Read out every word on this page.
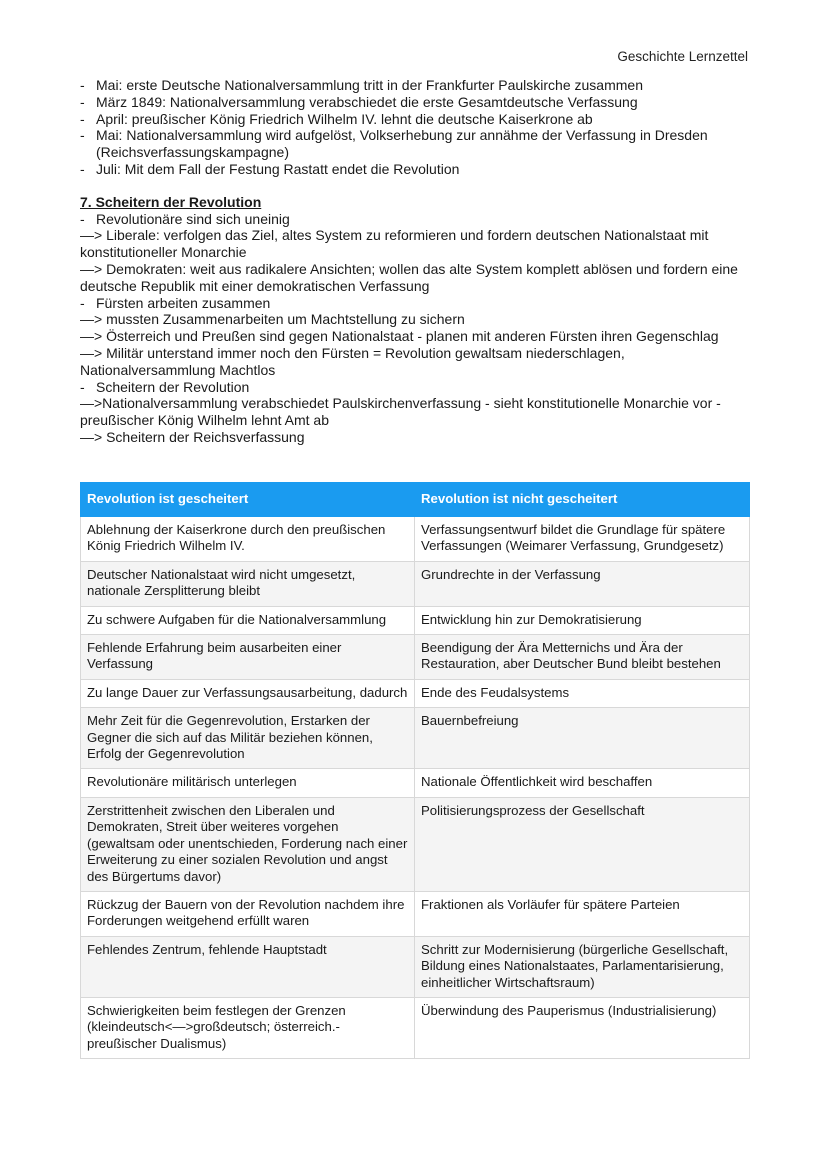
Geschichte Lernzettel
- Mai: erste Deutsche Nationalversammlung tritt in der Frankfurter Paulskirche zusammen
- März 1849: Nationalversammlung verabschiedet die erste Gesamtdeutsche Verfassung
- April: preußischer König Friedrich Wilhelm IV. lehnt die deutsche Kaiserkrone ab
- Mai: Nationalversammlung wird aufgelöst, Volkserhebung zur annähme der Verfassung in Dresden (Reichsverfassungskampagne)
- Juli: Mit dem Fall der Festung Rastatt endet die Revolution
7. Scheitern der Revolution
- Revolutionäre sind sich uneinig
—> Liberale: verfolgen das Ziel, altes System zu reformieren und fordern deutschen Nationalstaat mit konstitutioneller Monarchie
—> Demokraten: weit aus radikalere Ansichten; wollen das alte System komplett ablösen und fordern eine deutsche Republik mit einer demokratischen Verfassung
- Fürsten arbeiten zusammen
—> mussten Zusammenarbeiten um Machtstellung zu sichern
—> Österreich und Preußen sind gegen Nationalstaat - planen mit anderen Fürsten ihren Gegenschlag
—> Militär unterstand immer noch den Fürsten = Revolution gewaltsam niederschlagen, Nationalversammlung Machtlos
- Scheitern der Revolution
—>Nationalversammlung verabschiedet Paulskirchenverfassung - sieht konstitutionelle Monarchie vor - preußischer König Wilhelm lehnt Amt ab
—> Scheitern der Reichsverfassung
Revolution ist gescheitert	Revolution ist nicht gescheitert
Ablehnung der Kaiserkrone durch den preußischen König Friedrich Wilhelm IV.	Verfassungsentwurf bildet die Grundlage für spätere Verfassungen (Weimarer Verfassung, Grundgesetz)
Deutscher Nationalstaat wird nicht umgesetzt, nationale Zersplitterung bleibt	Grundrechte in der Verfassung
Zu schwere Aufgaben für die Nationalversammlung	Entwicklung hin zur Demokratisierung
Fehlende Erfahrung beim ausarbeiten einer Verfassung	Beendigung der Ära Metternichs und Ära der Restauration, aber Deutscher Bund bleibt bestehen
Zu lange Dauer zur Verfassungsausarbeitung, dadurch	Ende des Feudalsystems
Mehr Zeit für die Gegenrevolution, Erstarken der Gegner die sich auf das Militär beziehen können, Erfolg der Gegenrevolution	Bauernbefreiung
Revolutionäre militärisch unterlegen	Nationale Öffentlichkeit wird beschaffen
Zerstrittenheit zwischen den Liberalen und Demokraten, Streit über weiteres vorgehen (gewaltsam oder unentschieden, Forderung nach einer Erweiterung zu einer sozialen Revolution und angst des Bürgertums davor)	Politisierungsprozess der Gesellschaft
Rückzug der Bauern von der Revolution nachdem ihre Forderungen weitgehend erfüllt waren	Fraktionen als Vorläufer für spätere Parteien
Fehlendes Zentrum, fehlende Hauptstadt	Schritt zur Modernisierung (bürgerliche Gesellschaft, Bildung eines Nationalstaates, Parlamentarisierung, einheitlicher Wirtschaftsraum)
Schwierigkeiten beim festlegen der Grenzen (kleindeutsch<—>großdeutsch; österreich.-preußischer Dualismus)	Überwindung des Pauperismus (Industrialisierung)
